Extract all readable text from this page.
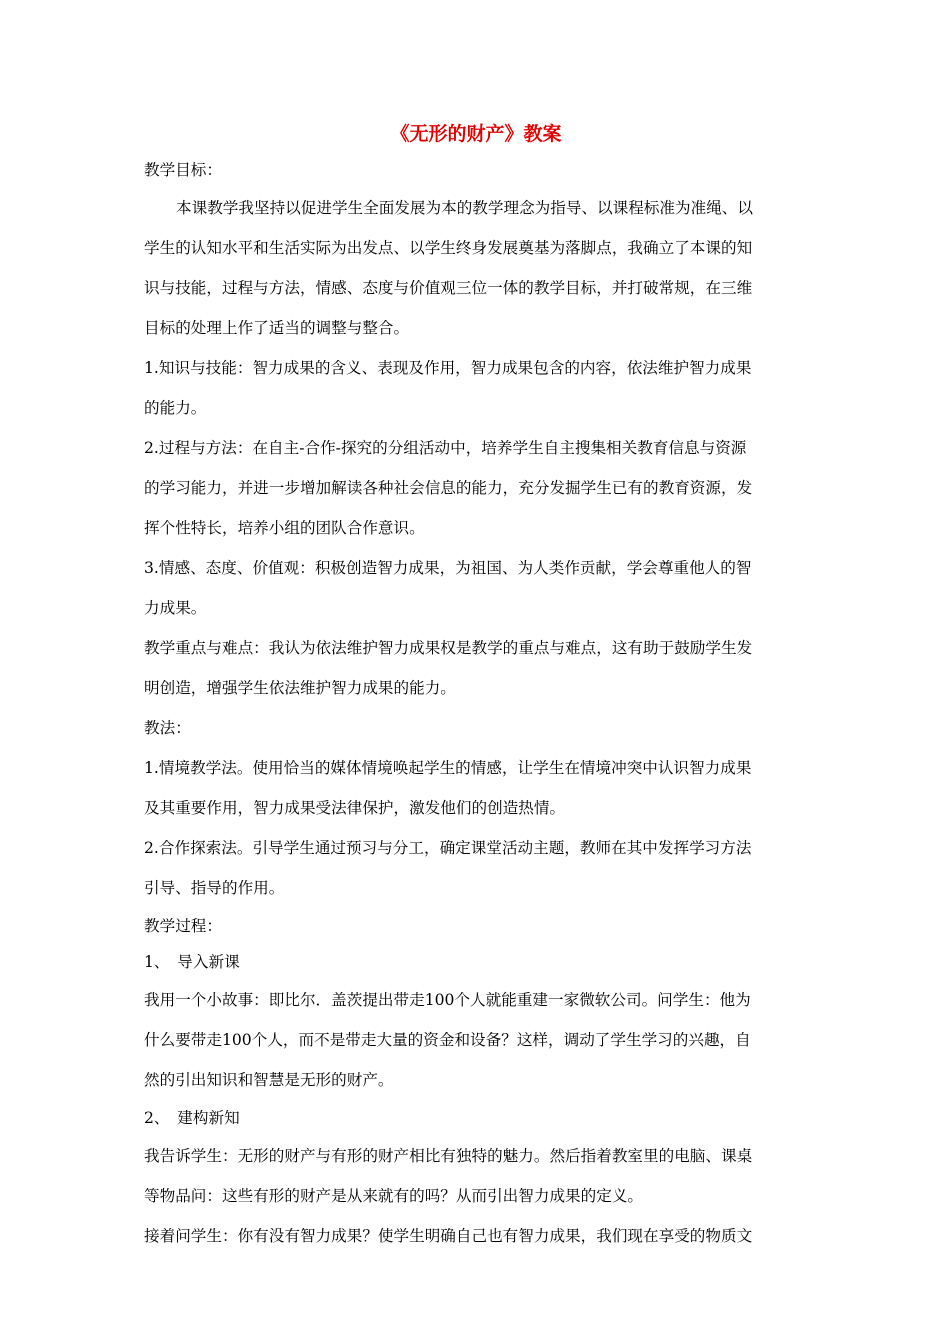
《无形的财产》教案
教学目标：
本课教学我坚持以促进学生全面发展为本的教学理念为指导、以课程标准为准绳、以
学生的认知水平和生活实际为出发点、以学生终身发展奠基为落脚点，我确立了本课的知
识与技能，过程与方法，情感、态度与价值观三位一体的教学目标，并打破常规，在三维
目标的处理上作了适当的调整与整合。
1.知识与技能：智力成果的含义、表现及作用，智力成果包含的内容，依法维护智力成果
的能力。
2.过程与方法：在自主-合作-探究的分组活动中，培养学生自主搜集相关教育信息与资源
的学习能力，并进一步增加解读各种社会信息的能力，充分发掘学生已有的教育资源，发
挥个性特长，培养小组的团队合作意识。
3.情感、态度、价值观：积极创造智力成果，为祖国、为人类作贡献，学会尊重他人的智
力成果。
教学重点与难点：我认为依法维护智力成果权是教学的重点与难点，这有助于鼓励学生发
明创造，增强学生依法维护智力成果的能力。
教法：
1.情境教学法。使用恰当的媒体情境唤起学生的情感，让学生在情境冲突中认识智力成果
及其重要作用，智力成果受法律保护，激发他们的创造热情。
2.合作探索法。引导学生通过预习与分工，确定课堂活动主题，教师在其中发挥学习方法
引导、指导的作用。
教学过程：
1、　导入新课
我用一个小故事：即比尔．盖茨提出带走100个人就能重建一家微软公司。问学生：他为
什么要带走100个人，而不是带走大量的资金和设备？这样，调动了学生学习的兴趣，自
然的引出知识和智慧是无形的财产。
2、　建构新知
我告诉学生：无形的财产与有形的财产相比有独特的魅力。然后指着教室里的电脑、课桌
等物品问：这些有形的财产是从来就有的吗？从而引出智力成果的定义。
接着问学生：你有没有智力成果？使学生明确自己也有智力成果，我们现在享受的物质文
